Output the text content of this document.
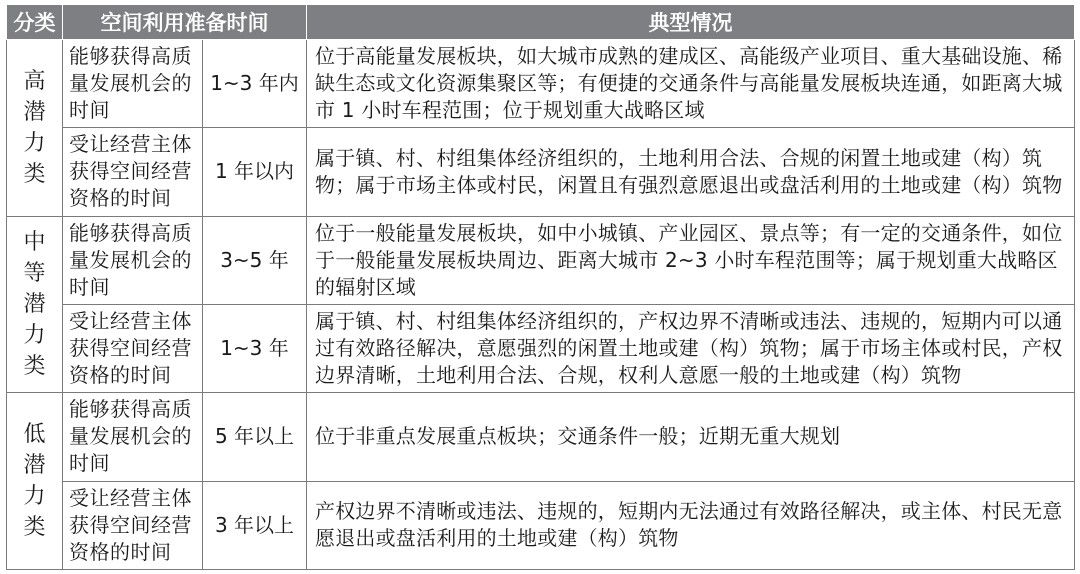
分类	空间利用准备时间		典型情况

高潜力类	能够获得高质量发展机会的时间	1~3 年内	位于高能量发展板块，如大城市成熟的建成区、高能级产业项目、重大基础设施、稀缺生态或文化资源集聚区等；有便捷的交通条件与高能量发展板块连通，如距离大城市 1 小时车程范围；位于规划重大战略区域
	受让经营主体获得空间经营资格的时间	1 年以内	属于镇、村、村组集体经济组织的，土地利用合法、合规的闲置土地或建（构）筑物；属于市场主体或村民，闲置且有强烈意愿退出或盘活利用的土地或建（构）筑物

中等潜力类	能够获得高质量发展机会的时间	3~5 年	位于一般能量发展板块，如中小城镇、产业园区、景点等；有一定的交通条件，如位于一般能量发展板块周边、距离大城市 2~3 小时车程范围等；属于规划重大战略区的辐射区域
	受让经营主体获得空间经营资格的时间	1~3 年	属于镇、村、村组集体经济组织的，产权边界不清晰或违法、违规的，短期内可以通过有效路径解决，意愿强烈的闲置土地或建（构）筑物；属于市场主体或村民，产权边界清晰，土地利用合法、合规，权利人意愿一般的土地或建（构）筑物

低潜力类	能够获得高质量发展机会的时间	5 年以上	位于非重点发展重点板块；交通条件一般；近期无重大规划
	受让经营主体获得空间经营资格的时间	3 年以上	产权边界不清晰或违法、违规的，短期内无法通过有效路径解决，或主体、村民无意愿退出或盘活利用的土地或建（构）筑物
